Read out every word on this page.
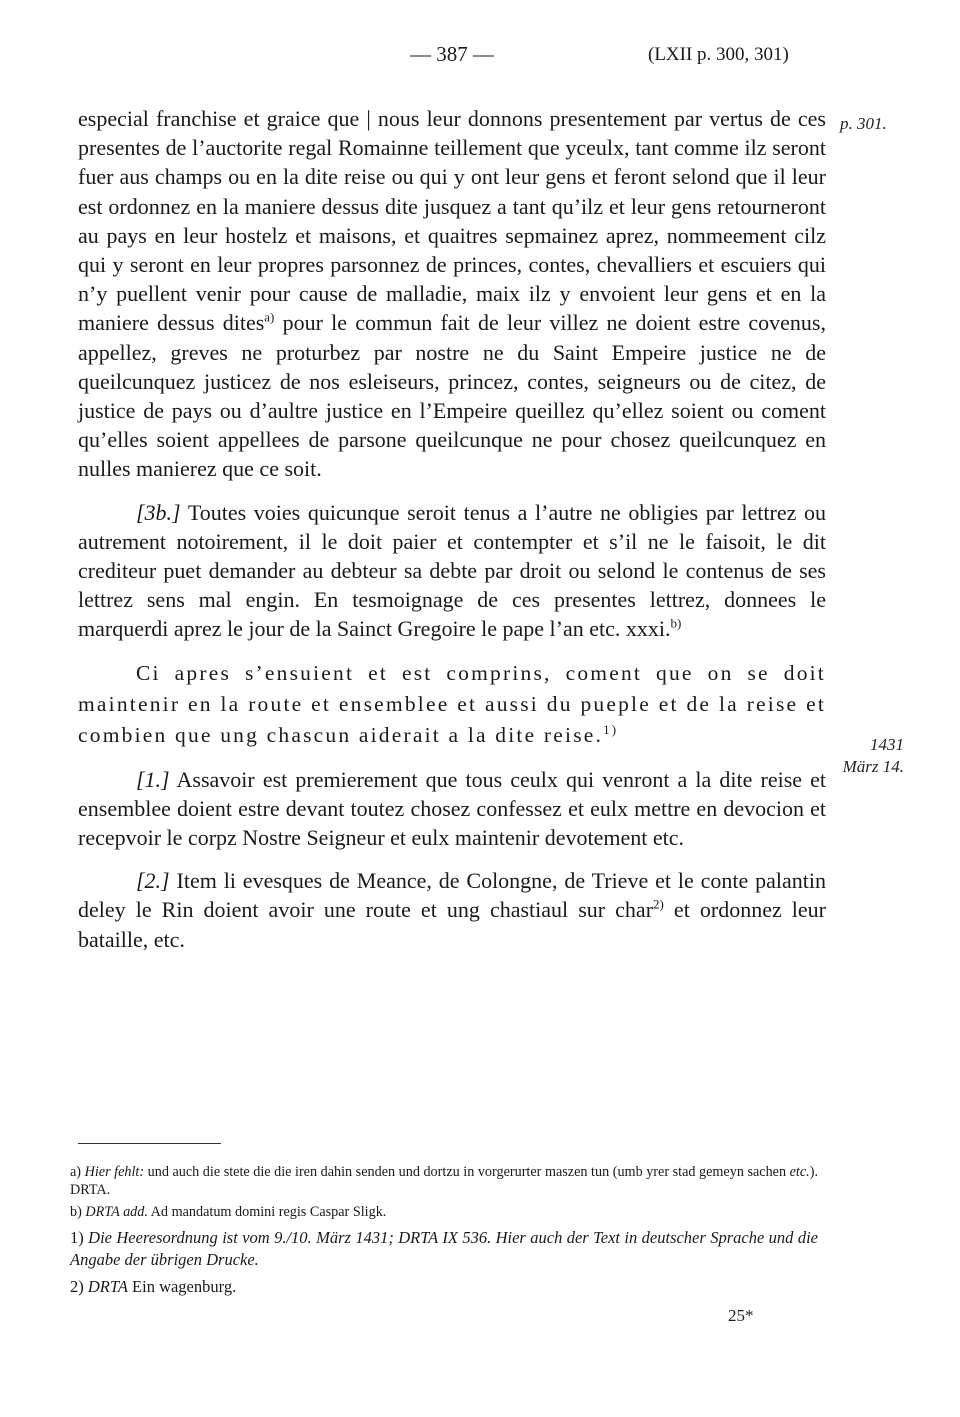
— 387 —	(LXII p. 300, 301)
p. 301.
1431
März 14.

especial franchise et graice que | nous leur donnons presentement par vertus de ces presentes de l’auctorite regal Romainne teillement que yceulx, tant comme ilz seront fuer aus champs ou en la dite reise ou qui y ont leur gens et feront selond que il leur est ordonnez en la maniere dessus dite jusquez a tant qu’ilz et leur gens retourneront au pays en leur hostelz et maisons, et quaitres sepmainez aprez, nommeement cilz qui y seront en leur propres parsonnez de princes, contes, chevalliers et escuiers qui n’y puellent venir pour cause de malladie, maix ilz y envoient leur gens et en la maniere dessus dites$^{a)}$ pour le commun fait de leur villez ne doient estre covenus, appellez, greves ne proturbez par nostre ne du Saint Empeire justice ne de queilcunquez justicez de nos esleiseurs, princez, contes, seigneurs ou de citez, de justice de pays ou d’aultre justice en l’Empeire queillez qu’ellez soient ou coment qu’elles soient appellees de parsone queilcunque ne pour chosez queilcunquez en nulles manierez que ce soit.

[3b.] Toutes voies quicunque seroit tenus a l’autre ne obligies par lettrez ou autrement notoirement, il le doit paier et contempter et s’il ne le faisoit, le dit crediteur puet demander au debteur sa debte par droit ou selond le contenus de ses lettrez sens mal engin. En tesmoignage de ces presentes lettrez, donnees le marquerdi aprez le jour de la Sainct Gregoire le pape l’an etc. xxxi.$^{b)}$

Ci apres s’ensuient et est comprins, coment que on se doit maintenir en la route et ensemblee et aussi du pueple et de la reise et combien que ung chascun aiderait a la dite reise.$^{1)}$

[1.] Assavoir est premierement que tous ceulx qui venront a la dite reise et ensemblee doient estre devant toutez chosez confessez et eulx mettre en devocion et recepvoir le corpz Nostre Seigneur et eulx maintenir devotement etc.

[2.] Item li evesques de Meance, de Colongne, de Trieve et le conte palantin deley le Rin doient avoir une route et ung chastiaul sur char$^{2)}$ et ordonnez leur bataille, etc.

a) Hier fehlt: und auch die stete die die iren dahin senden und dortzu in vorgerurter maszen tun (umb yrer stad gemeyn sachen etc.). DRTA.

b) DRTA add. Ad mandatum domini regis Caspar Sligk.

1) Die Heeresordnung ist vom 9./10. März 1431; DRTA IX 536. Hier auch der Text in deutscher Sprache und die Angabe der übrigen Drucke.

2) DRTA Ein wagenburg.

25*
